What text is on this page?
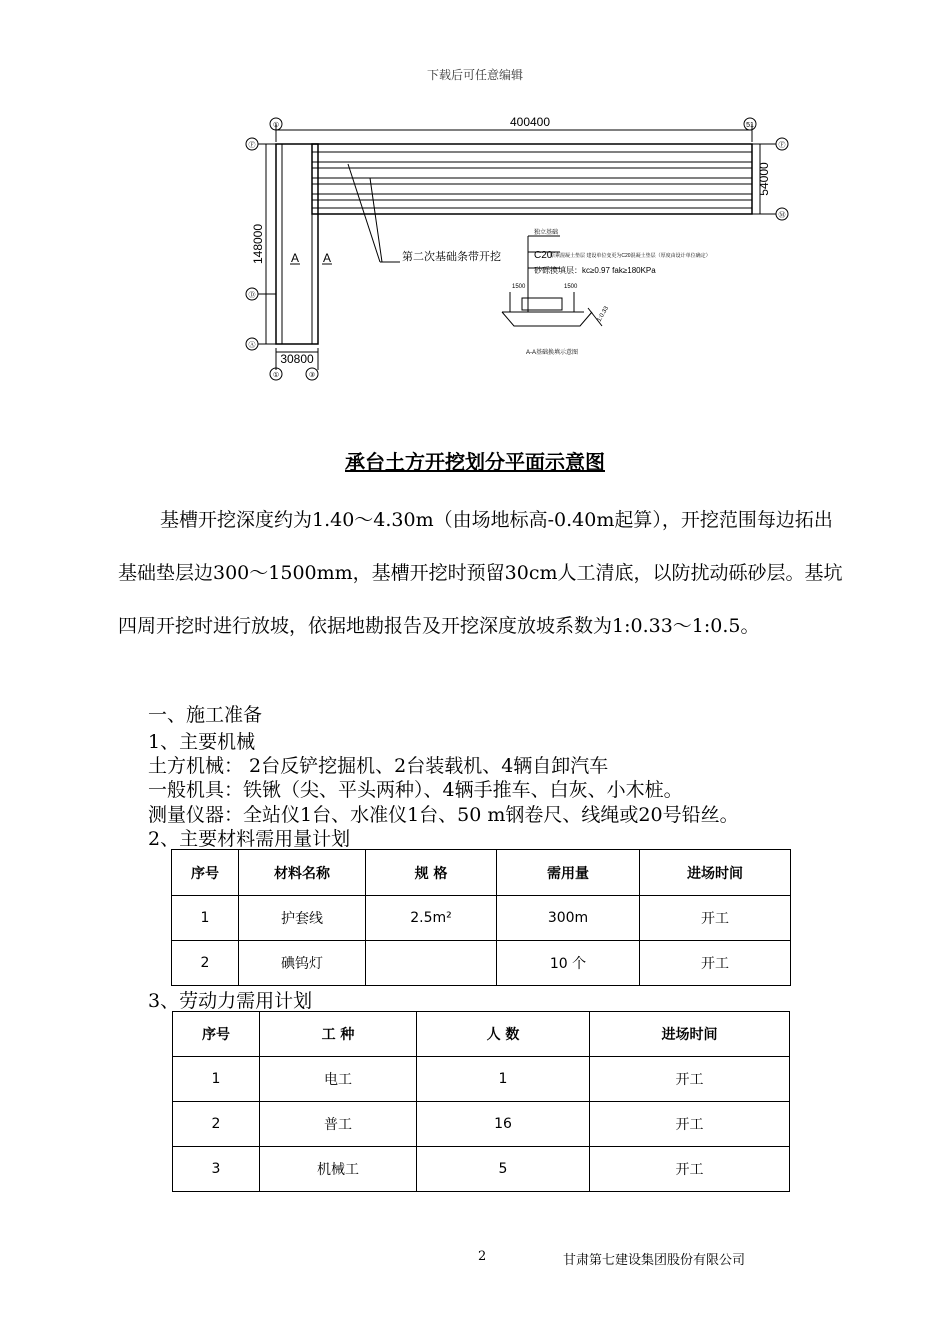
下载后可任意编辑
400400
148000
54000
30800
A A	第二次基础条带开挖
Ⓕ
Ⓓ
Ⓐ
①
①	③
51
Ⓕ
Ⓜ
独立基础
C20
原素混凝土垫层 建设单位变更为C20混凝土垫层（厚度由设计单位确定）
砂砾换填层：kc≥0.97 fak≥180KPa
1500	1500
1:0.33
A-A基础换填示意图
承台土方开挖划分平面示意图
基槽开挖深度约为1.40～4.30m（由场地标高-0.40m起算），开挖范围每边拓出基础垫层边300～1500mm，基槽开挖时预留30cm人工清底，以防扰动砾砂层。基坑四周开挖时进行放坡，依据地勘报告及开挖深度放坡系数为1:0.33～1:0.5。
一、施工准备
1、主要机械
土方机械： 2台反铲挖掘机、2台装载机、4辆自卸汽车
一般机具：铁锹（尖、平头两种）、4辆手推车、白灰、小木桩。
测量仪器：全站仪1台、水准仪1台、50 m钢卷尺、线绳或20号铅丝。
2、主要材料需用量计划
序号	材料名称	规 格	需用量	进场时间
1	护套线	2.5m²	300m	开工
2	碘钨灯		10 个	开工
3、劳动力需用计划
序号	工 种	人 数	进场时间
1	电工	1	开工
2	普工	16	开工
3	机械工	5	开工
2	甘肃第七建设集团股份有限公司
